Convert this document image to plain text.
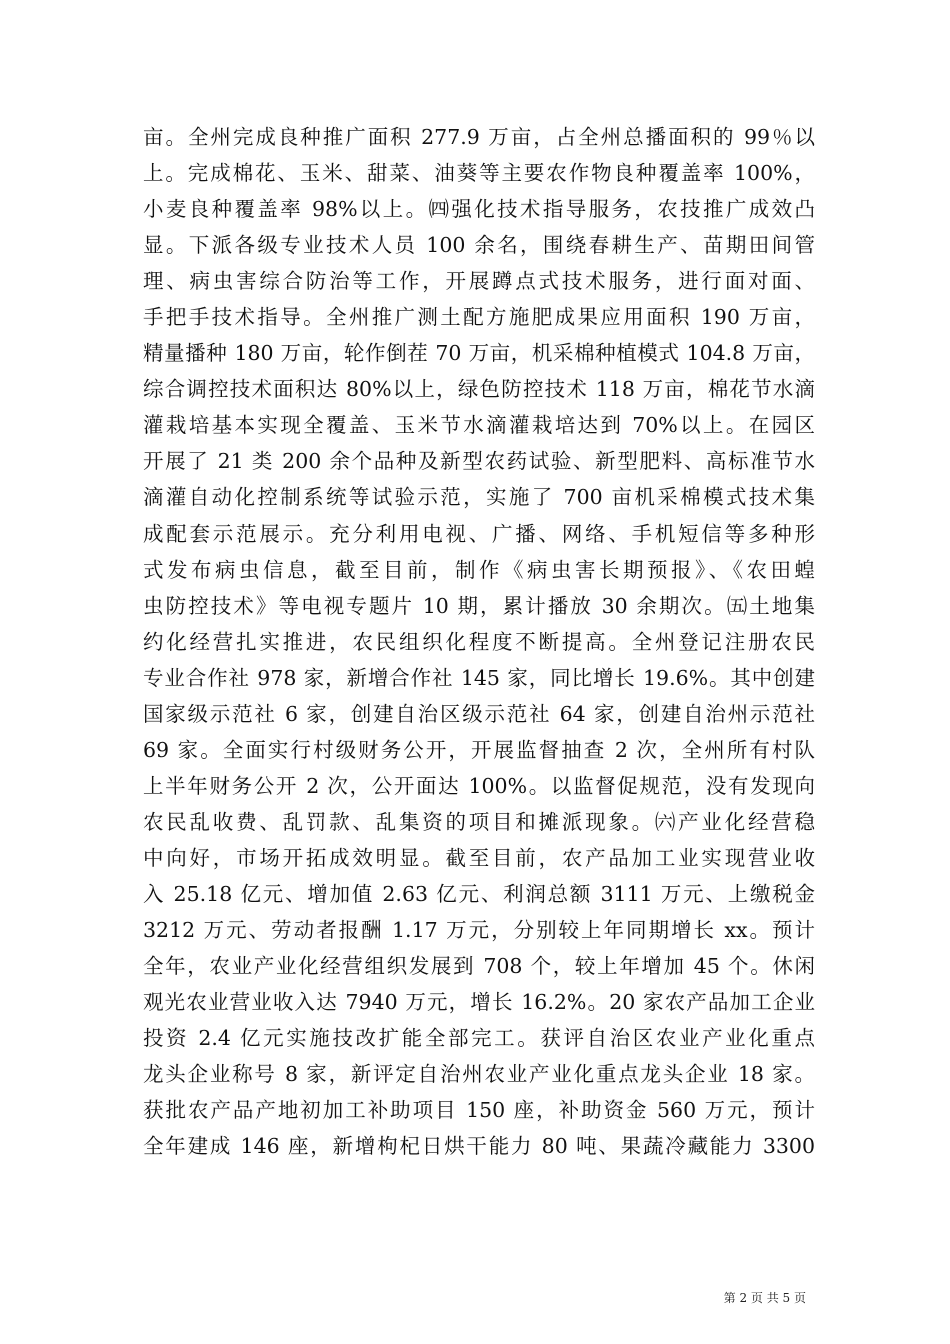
亩。全州完成良种推广面积 277.9 万亩，占全州总播面积的 99％以
上。完成棉花、玉米、甜菜、油葵等主要农作物良种覆盖率 100%，
小麦良种覆盖率 98%以上。㈣强化技术指导服务，农技推广成效凸
显。下派各级专业技术人员 100 余名，围绕春耕生产、苗期田间管
理、病虫害综合防治等工作，开展蹲点式技术服务，进行面对面、
手把手技术指导。全州推广测土配方施肥成果应用面积 190 万亩，
精量播种 180 万亩，轮作倒茬 70 万亩，机采棉种植模式 104.8 万亩，
综合调控技术面积达 80%以上，绿色防控技术 118 万亩，棉花节水滴
灌栽培基本实现全覆盖、玉米节水滴灌栽培达到 70%以上。在园区
开展了 21 类 200 余个品种及新型农药试验、新型肥料、高标准节水
滴灌自动化控制系统等试验示范，实施了 700 亩机采棉模式技术集
成配套示范展示。充分利用电视、广播、网络、手机短信等多种形
式发布病虫信息，截至目前，制作《病虫害长期预报》、《农田蝗
虫防控技术》等电视专题片 10 期，累计播放 30 余期次。㈤土地集
约化经营扎实推进，农民组织化程度不断提高。全州登记注册农民
专业合作社 978 家，新增合作社 145 家，同比增长 19.6%。其中创建
国家级示范社 6 家，创建自治区级示范社 64 家，创建自治州示范社
69 家。全面实行村级财务公开，开展监督抽查 2 次，全州所有村队
上半年财务公开 2 次，公开面达 100%。以监督促规范，没有发现向
农民乱收费、乱罚款、乱集资的项目和摊派现象。㈥产业化经营稳
中向好，市场开拓成效明显。截至目前，农产品加工业实现营业收
入 25.18 亿元、增加值 2.63 亿元、利润总额 3111 万元、上缴税金
3212 万元、劳动者报酬 1.17 万元，分别较上年同期增长 xx。预计
全年，农业产业化经营组织发展到 708 个，较上年增加 45 个。休闲
观光农业营业收入达 7940 万元，增长 16.2%。20 家农产品加工企业
投资 2.4 亿元实施技改扩能全部完工。获评自治区农业产业化重点
龙头企业称号 8 家，新评定自治州农业产业化重点龙头企业 18 家。
获批农产品产地初加工补助项目 150 座，补助资金 560 万元，预计
全年建成 146 座，新增枸杞日烘干能力 80 吨、果蔬冷藏能力 3300
第 2 页 共 5 页
